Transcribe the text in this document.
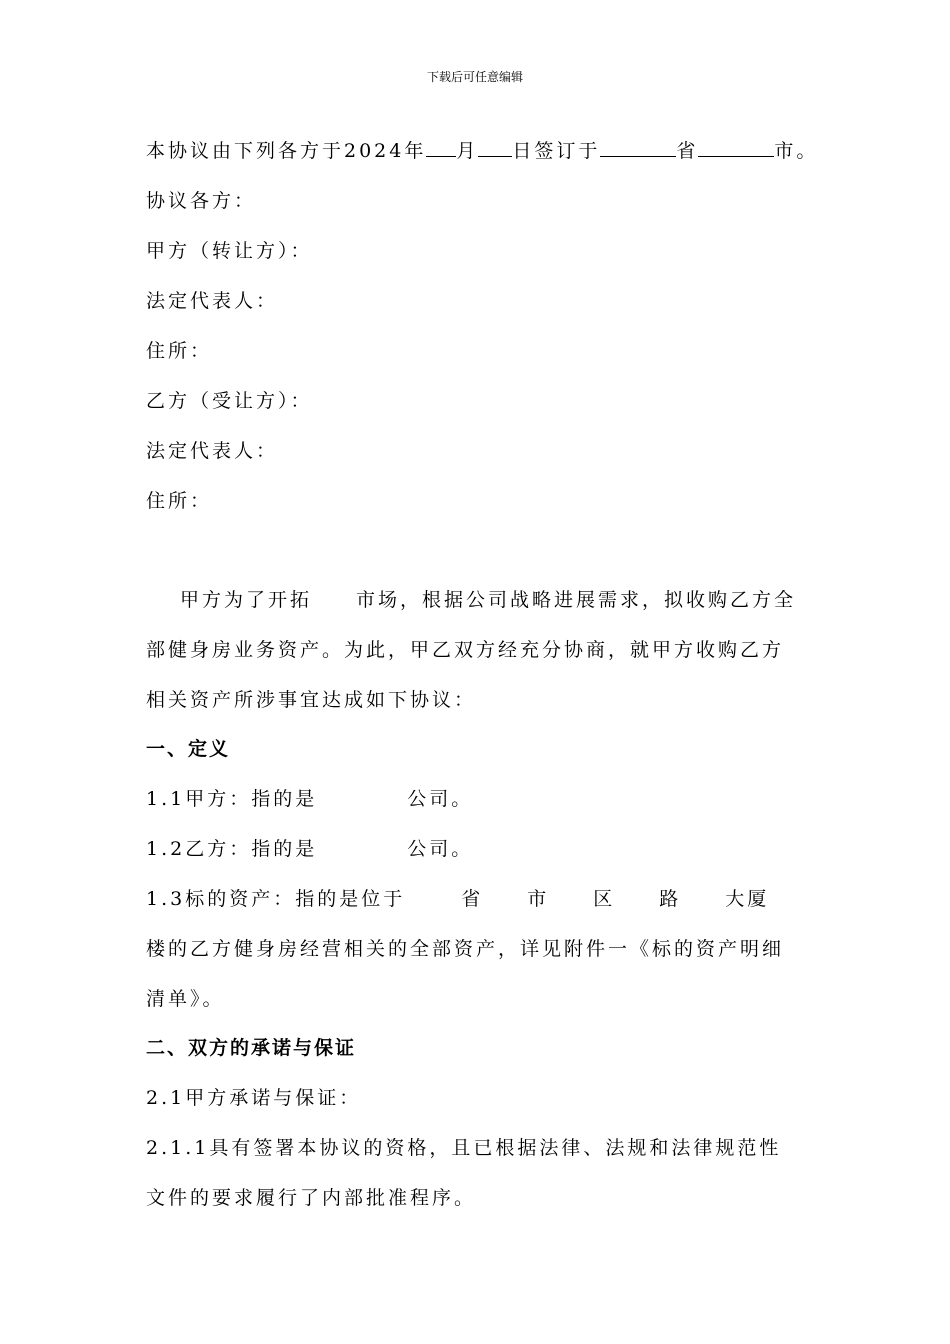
下载后可任意编辑
本协议由下列各方于2024年 月 日签订于	省	市。
协议各方：
甲方（转让方）：
法定代表人：
住所：
乙方（受让方）：
法定代表人：
住所：
甲方为了开拓 市场，根据公司战略进展需求，拟收购乙方全
部健身房业务资产。为此，甲乙双方经充分协商，就甲方收购乙方
相关资产所涉事宜达成如下协议：
一、定义
1.1甲方：指的是	公司。
1.2乙方：指的是	公司。
1.3标的资产：指的是位于	省 市 区 路 大厦
楼的乙方健身房经营相关的全部资产，详见附件一《标的资产明细
清单》。
二、双方的承诺与保证
2.1甲方承诺与保证：
2.1.1具有签署本协议的资格，且已根据法律、法规和法律规范性
文件的要求履行了内部批准程序。
